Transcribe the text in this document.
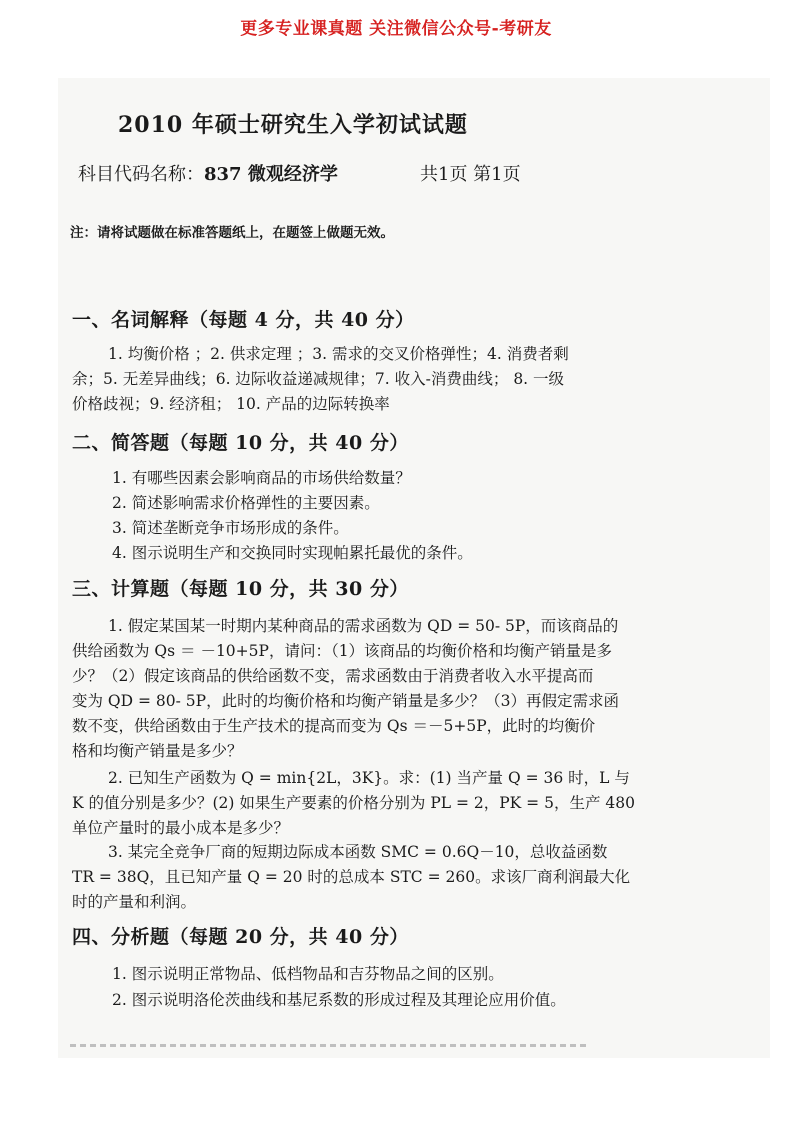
更多专业课真题 关注微信公众号-考研友
2010 年硕士研究生入学初试试题
科目代码名称：837 微观经济学	共1页 第1页
注：请将试题做在标准答题纸上，在题签上做题无效。
一、名词解释（每题 4 分，共 40 分）
1. 均衡价格 ；2. 供求定理 ；3. 需求的交叉价格弹性；4. 消费者剩
余；5. 无差异曲线；6. 边际收益递减规律；7. 收入-消费曲线； 8. 一级
价格歧视；9. 经济租； 10. 产品的边际转换率
二、简答题（每题 10 分，共 40 分）
1. 有哪些因素会影响商品的市场供给数量？
2. 简述影响需求价格弹性的主要因素。
3. 简述垄断竞争市场形成的条件。
4. 图示说明生产和交换同时实现帕累托最优的条件。
三、计算题（每题 10 分，共 30 分）
1. 假定某国某一时期内某种商品的需求函数为 QD = 50- 5P，而该商品的
供给函数为 Qs ＝ －10+5P，请问：（1）该商品的均衡价格和均衡产销量是多
少？（2）假定该商品的供给函数不变，需求函数由于消费者收入水平提高而
变为 QD = 80- 5P，此时的均衡价格和均衡产销量是多少？（3）再假定需求函
数不变，供给函数由于生产技术的提高而变为 Qs ＝－5+5P，此时的均衡价
格和均衡产销量是多少？
2. 已知生产函数为 Q = min{2L，3K}。求：(1) 当产量 Q = 36 时，L 与
K 的值分别是多少？(2) 如果生产要素的价格分别为 PL = 2，PK = 5，生产 480
单位产量时的最小成本是多少？
3. 某完全竞争厂商的短期边际成本函数 SMC = 0.6Q－10，总收益函数
TR = 38Q，且已知产量 Q = 20 时的总成本 STC = 260。求该厂商利润最大化
时的产量和利润。
四、分析题（每题 20 分，共 40 分）
1. 图示说明正常物品、低档物品和吉芬物品之间的区别。
2. 图示说明洛伦茨曲线和基尼系数的形成过程及其理论应用价值。
